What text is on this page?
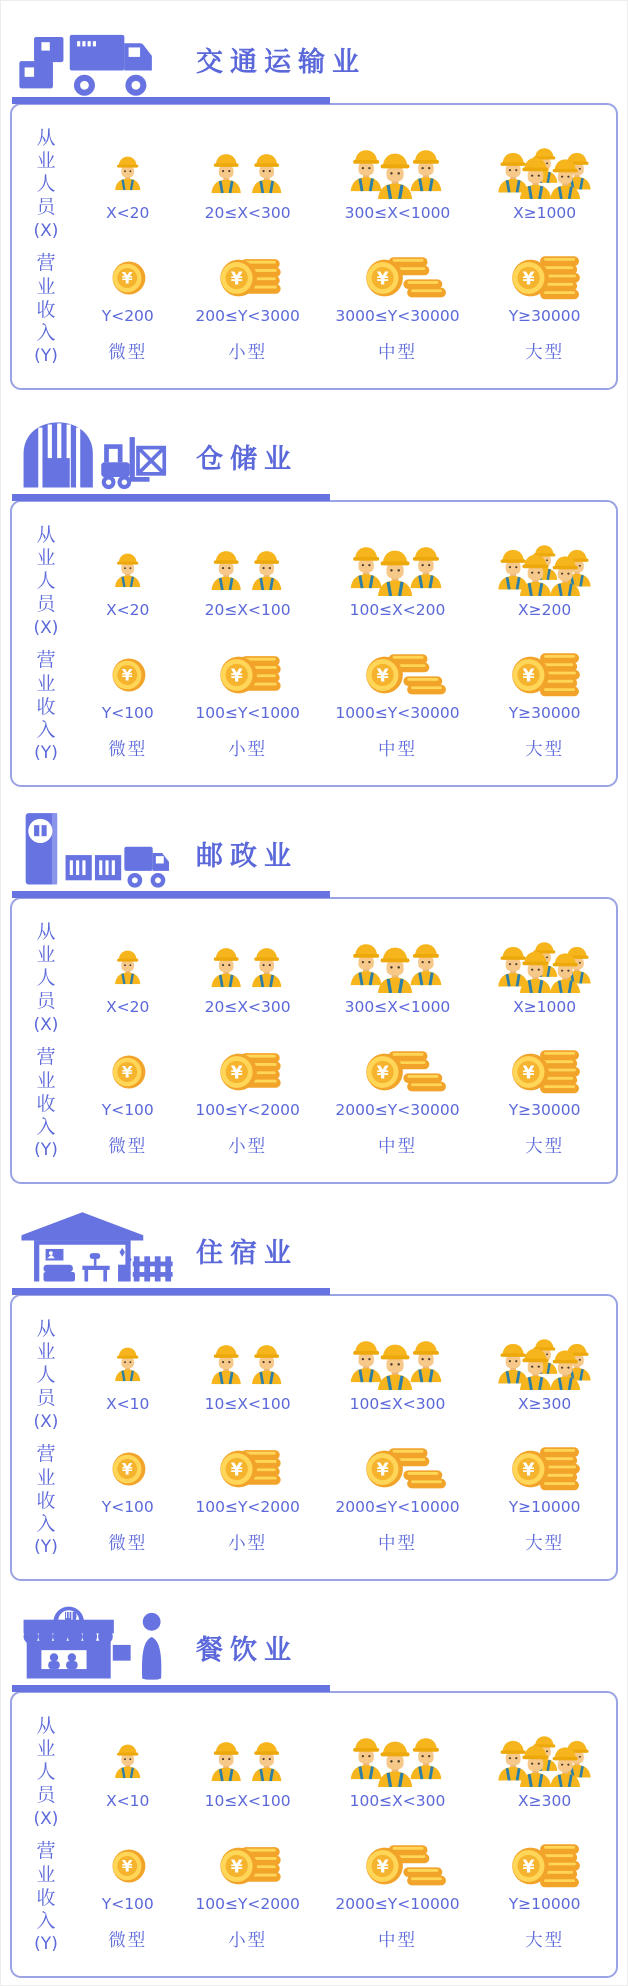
交通运输业
从业人员
(X)
X<20	20≤X<300	300≤X<1000	X≥1000
营业收入
(Y)
Y<200	200≤Y<3000	3000≤Y<30000	Y≥30000
微型	小型	中型	大型
仓储业
从业人员
(X)
X<20	20≤X<100	100≤X<200	X≥200
营业收入
(Y)
Y<100	100≤Y<1000	1000≤Y<30000	Y≥30000
微型	小型	中型	大型
邮政业
从业人员
(X)
X<20	20≤X<300	300≤X<1000	X≥1000
营业收入
(Y)
Y<100	100≤Y<2000	2000≤Y<30000	Y≥30000
微型	小型	中型	大型
住宿业
从业人员
(X)
X<10	10≤X<100	100≤X<300	X≥300
营业收入
(Y)
Y<100	100≤Y<2000	2000≤Y<10000	Y≥10000
微型	小型	中型	大型
餐饮业
从业人员
(X)
X<10	10≤X<100	100≤X<300	X≥300
营业收入
(Y)
Y<100	100≤Y<2000	2000≤Y<10000	Y≥10000
微型	小型	中型	大型
